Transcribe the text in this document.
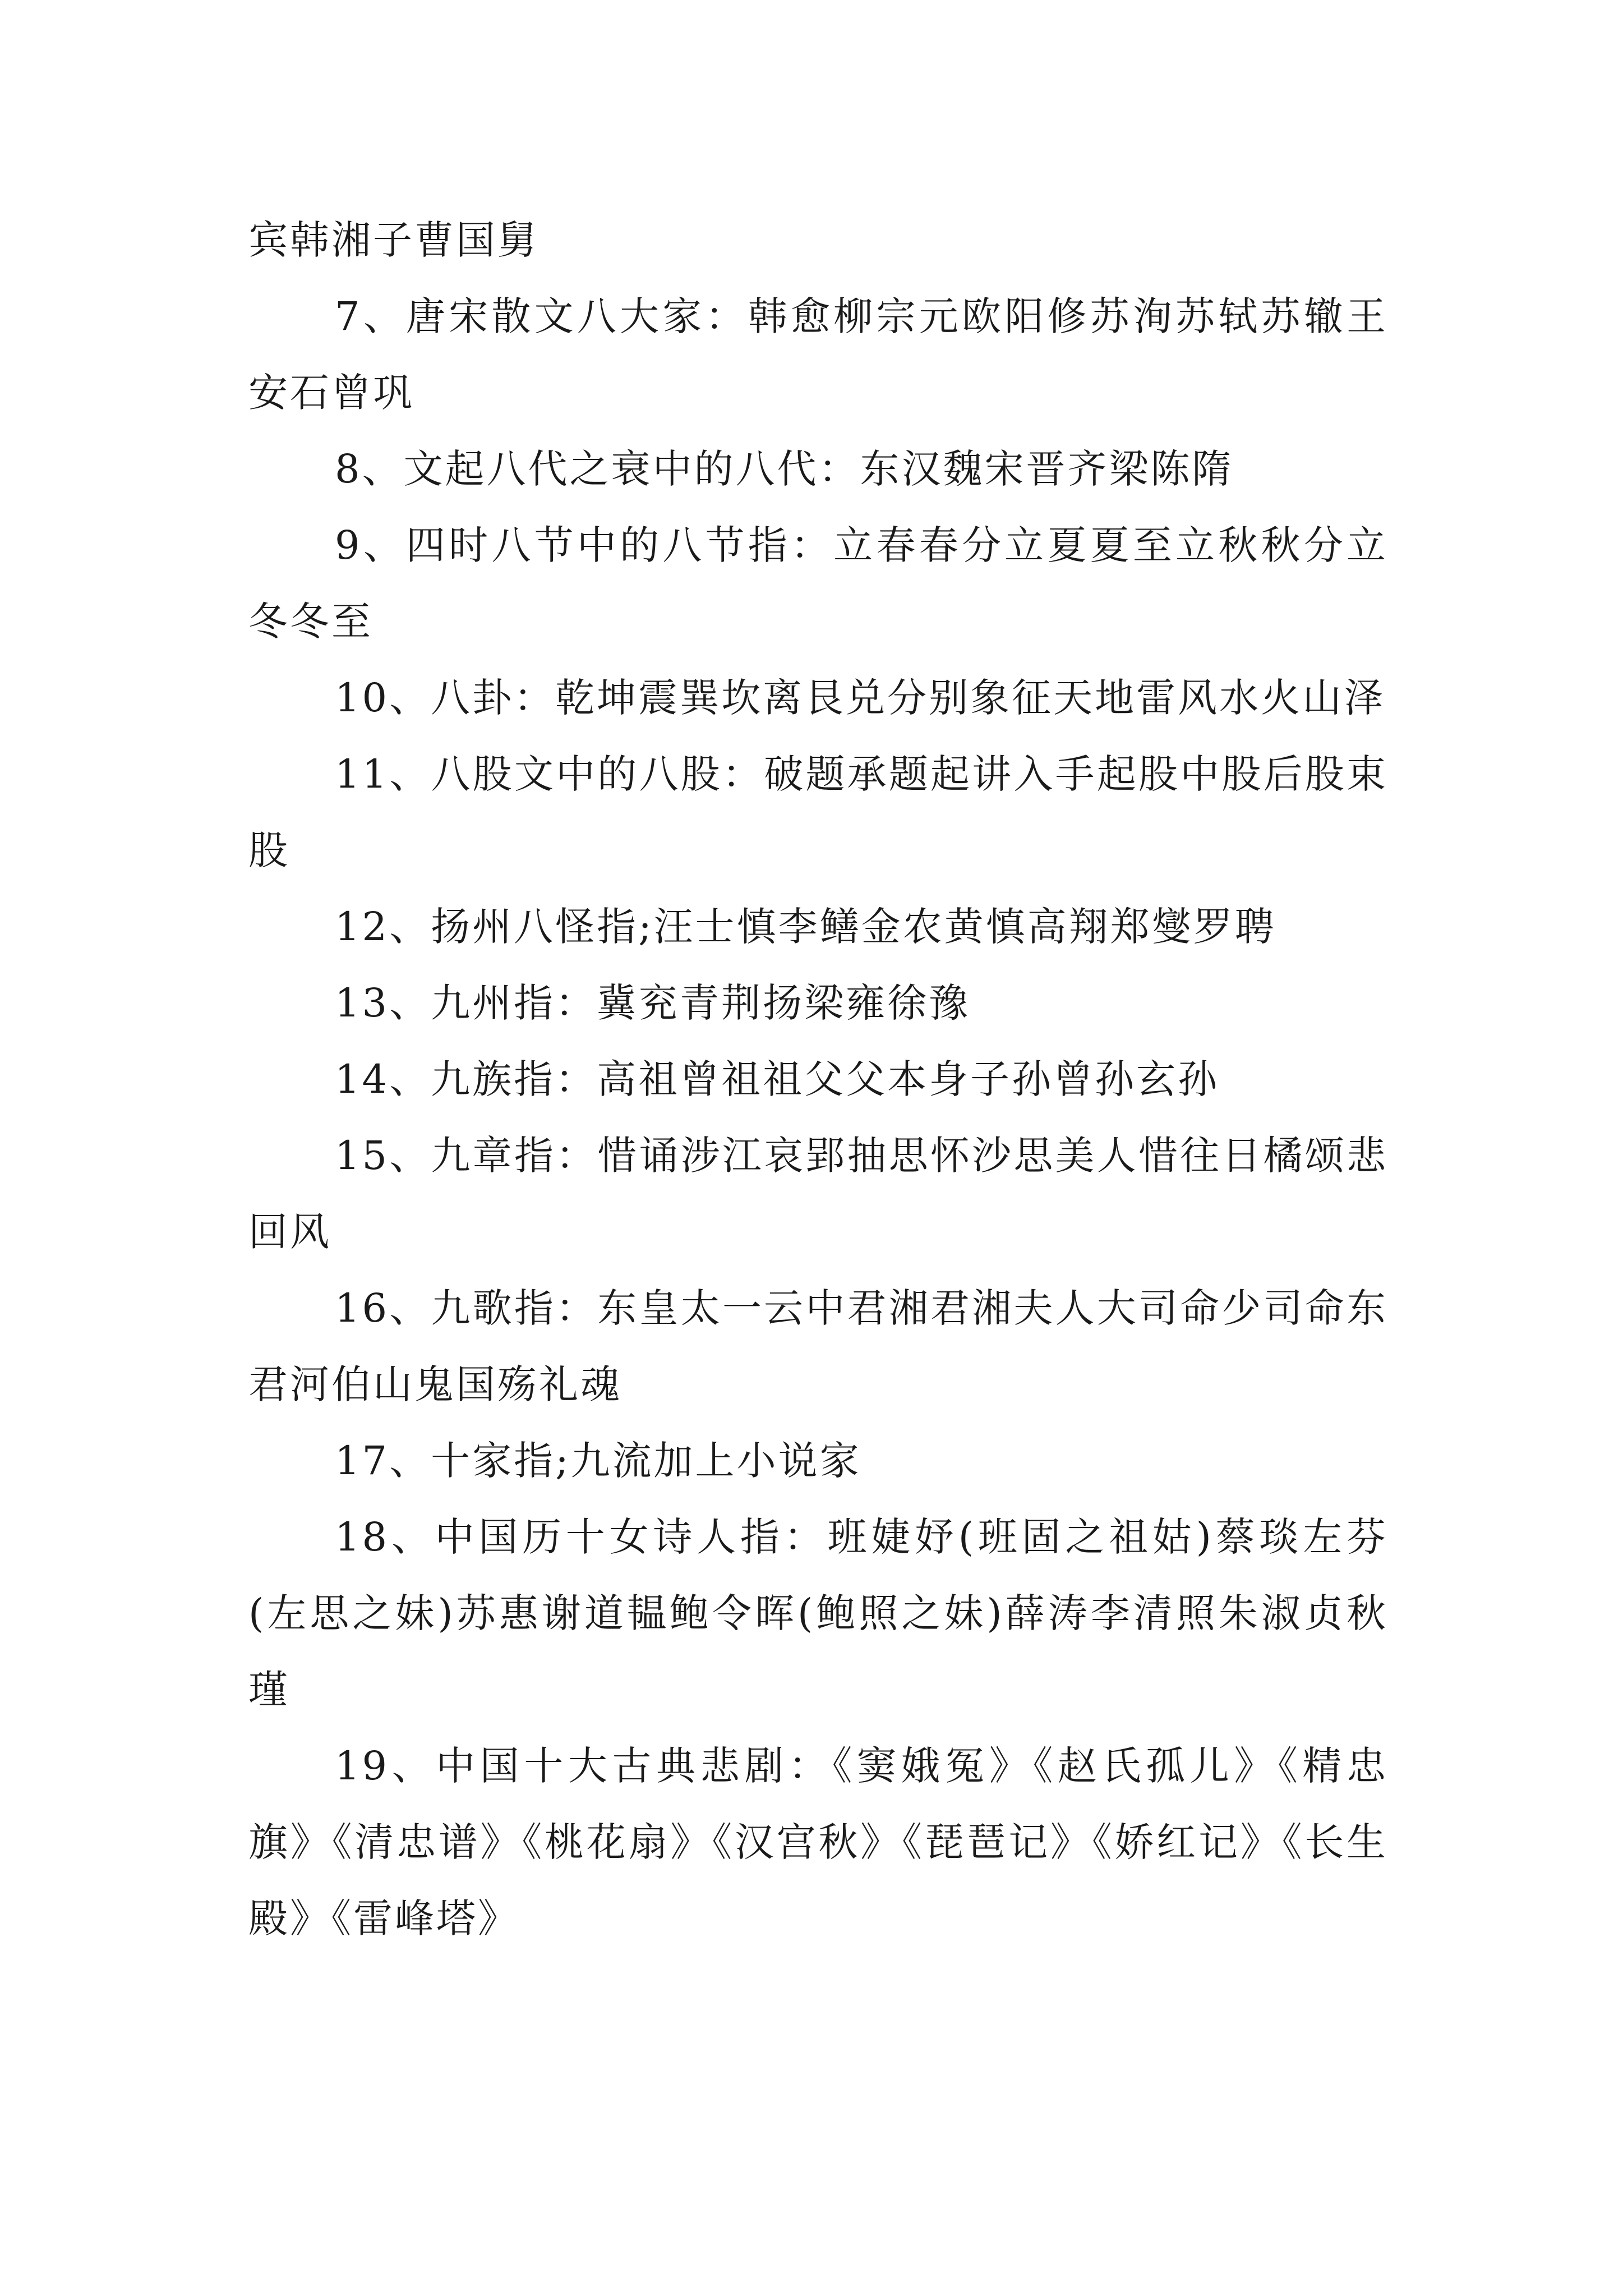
宾韩湘子曹国舅

7、唐宋散文八大家：韩愈柳宗元欧阳修苏洵苏轼苏辙王安石曾巩

8、文起八代之衰中的八代：东汉魏宋晋齐梁陈隋

9、四时八节中的八节指：立春春分立夏夏至立秋秋分立冬冬至

10、八卦：乾坤震巽坎离艮兑分别象征天地雷风水火山泽

11、八股文中的八股：破题承题起讲入手起股中股后股束股

12、扬州八怪指;汪士慎李鳝金农黄慎高翔郑燮罗聘

13、九州指：冀兖青荆扬梁雍徐豫

14、九族指：高祖曾祖祖父父本身子孙曾孙玄孙

15、九章指：惜诵涉江哀郢抽思怀沙思美人惜往日橘颂悲回风

16、九歌指：东皇太一云中君湘君湘夫人大司命少司命东君河伯山鬼国殇礼魂

17、十家指;九流加上小说家

18、中国历十女诗人指：班婕妤(班固之祖姑)蔡琰左芬(左思之妹)苏惠谢道韫鲍令晖(鲍照之妹)薛涛李清照朱淑贞秋瑾

19、中国十大古典悲剧：《窦娥冤》《赵氏孤儿》《精忠旗》《清忠谱》《桃花扇》《汉宫秋》《琵琶记》《娇红记》《长生殿》《雷峰塔》
